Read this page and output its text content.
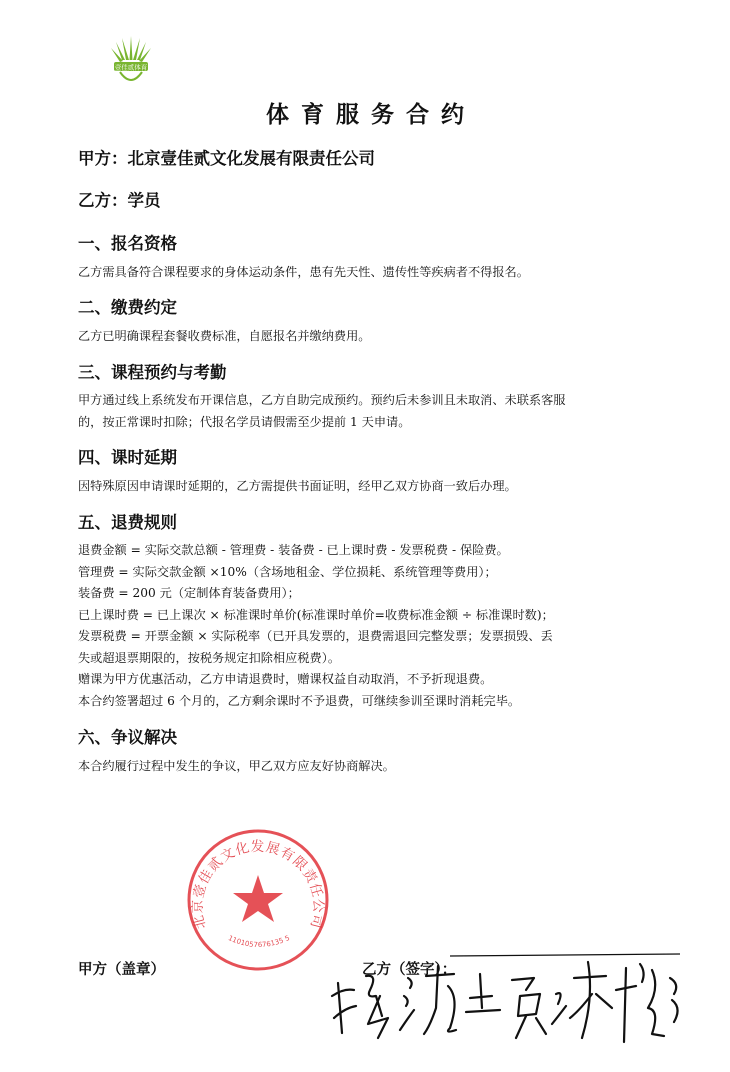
壹佳贰体育
体育服务合约
甲方：北京壹佳贰文化发展有限责任公司
乙方：学员
一、报名资格
乙方需具备符合课程要求的身体运动条件，患有先天性、遗传性等疾病者不得报名。
二、缴费约定
乙方已明确课程套餐收费标准，自愿报名并缴纳费用。
三、课程预约与考勤
甲方通过线上系统发布开课信息，乙方自助完成预约。预约后未参训且未取消、未联系客服
的，按正常课时扣除；代报名学员请假需至少提前 1 天申请。
四、课时延期
因特殊原因申请课时延期的，乙方需提供书面证明，经甲乙双方协商一致后办理。
五、退费规则
退费金额 = 实际交款总额 - 管理费 - 装备费 - 已上课时费 - 发票税费 - 保险费。
管理费 = 实际交款金额 ×10%（含场地租金、学位损耗、系统管理等费用）；
装备费 = 200 元（定制体育装备费用）；
已上课时费 = 已上课次 × 标准课时单价(标准课时单价=收费标准金额 ÷ 标准课时数)；
发票税费 = 开票金额 × 实际税率（已开具发票的，退费需退回完整发票；发票损毁、丢
失或超退票期限的，按税务规定扣除相应税费）。
赠课为甲方优惠活动，乙方申请退费时，赠课权益自动取消，不予折现退费。
本合约签署超过 6 个月的，乙方剩余课时不予退费，可继续参训至课时消耗完毕。
六、争议解决
本合约履行过程中发生的争议，甲乙双方应友好协商解决。
北京壹佳贰文化发展有限责任公司
1101057676135 5
甲方（盖章）	乙方（签字）：
